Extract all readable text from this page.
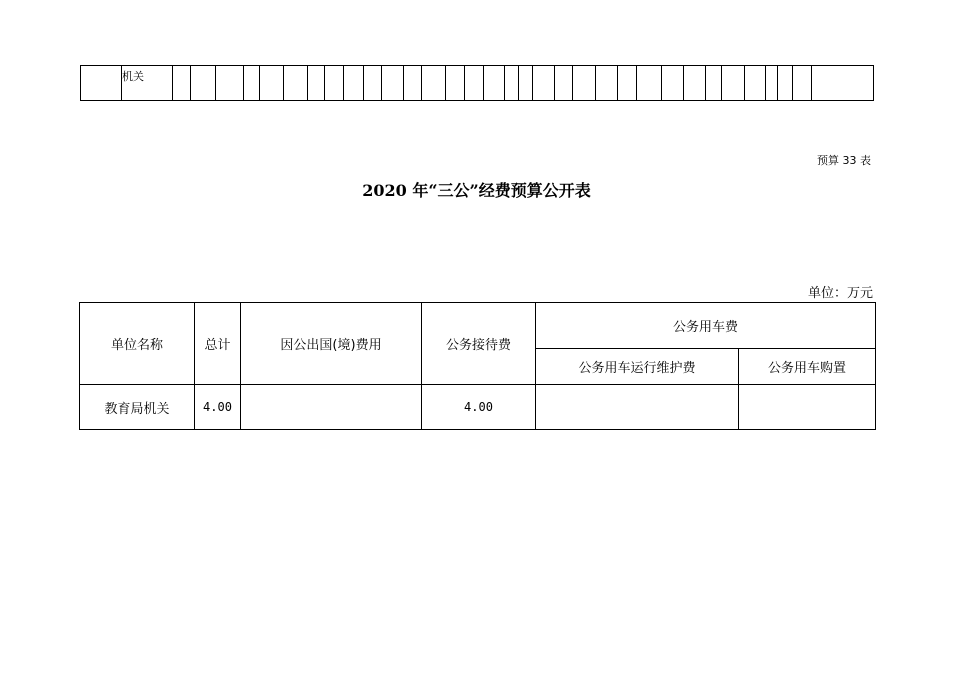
机关
预算 33 表
2020 年“三公”经费预算公开表
单位：万元
单位名称	总计	因公出国(境)费用	公务接待费	公务用车费	
				公务用车运行维护费	公务用车购置
教育局机关	4.00		4.00		
